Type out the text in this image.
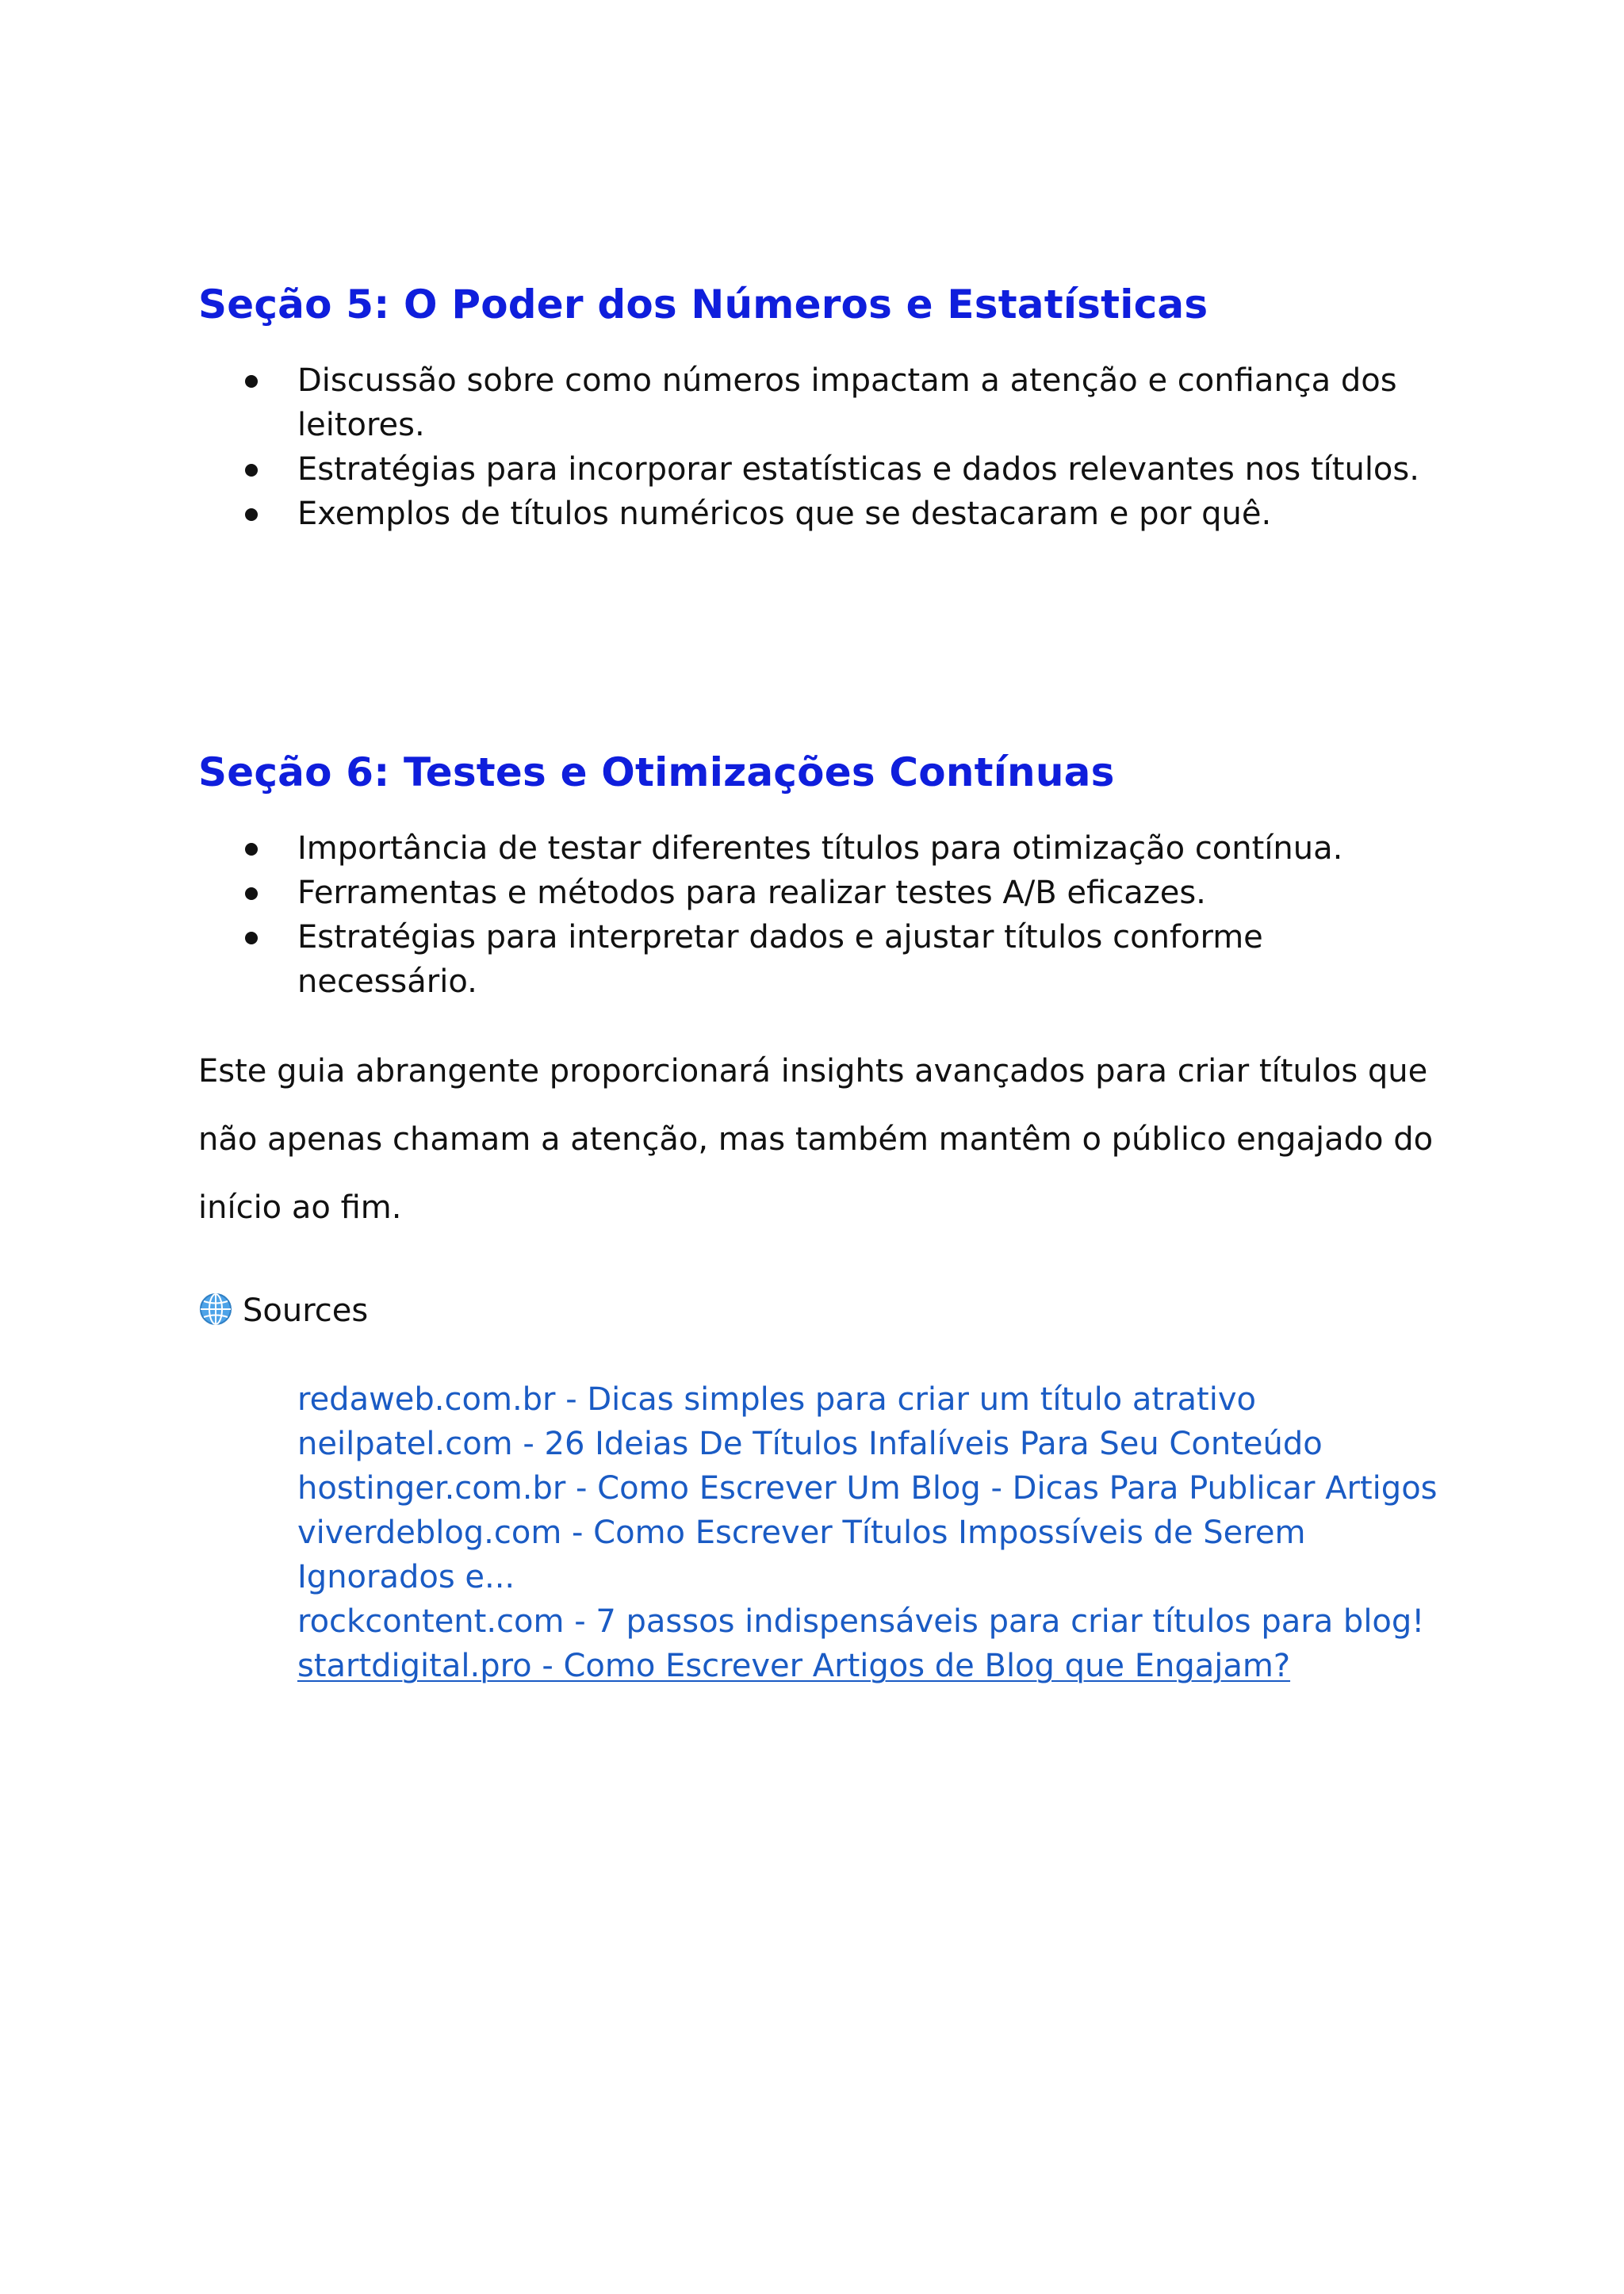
Seção 5: O Poder dos Números e Estatísticas
Discussão sobre como números impactam a atenção e confiança dos leitores.
Estratégias para incorporar estatísticas e dados relevantes nos títulos.
Exemplos de títulos numéricos que se destacaram e por quê.
Seção 6: Testes e Otimizações Contínuas
Importância de testar diferentes títulos para otimização contínua.
Ferramentas e métodos para realizar testes A/B eficazes.
Estratégias para interpretar dados e ajustar títulos conforme necessário.

Este guia abrangente proporcionará insights avançados para criar títulos que não apenas chamam a atenção, mas também mantêm o público engajado do início ao fim.

Sources
redaweb.com.br - Dicas simples para criar um título atrativo
neilpatel.com - 26 Ideias De Títulos Infalíveis Para Seu Conteúdo
hostinger.com.br - Como Escrever Um Blog - Dicas Para Publicar Artigos
viverdeblog.com - Como Escrever Títulos Impossíveis de Serem Ignorados e...
rockcontent.com - 7 passos indispensáveis para criar títulos para blog!
startdigital.pro - Como Escrever Artigos de Blog que Engajam?
